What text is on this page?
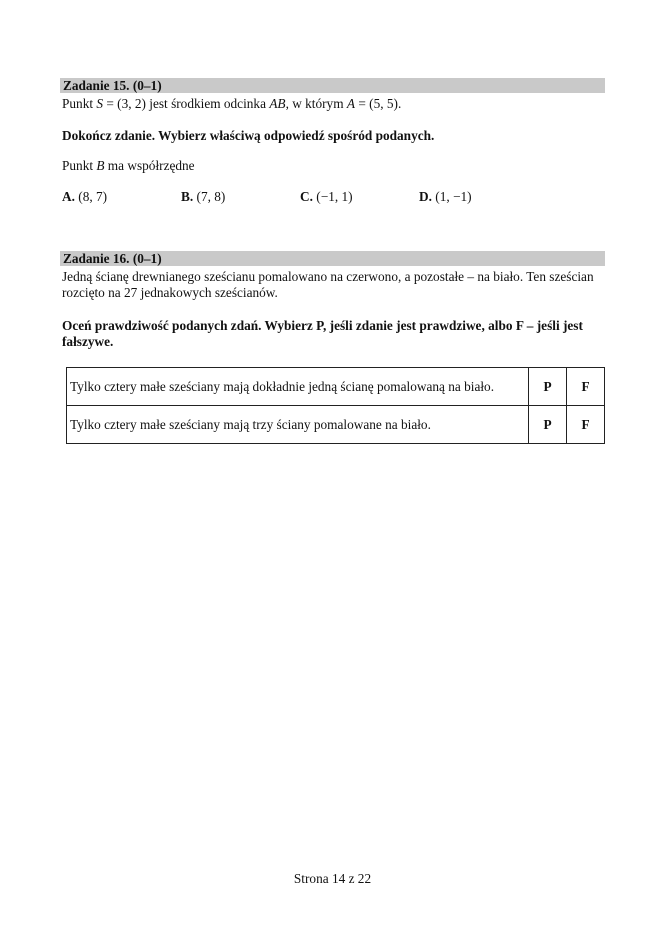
Zadanie 15. (0–1)
Punkt S = (3, 2) jest środkiem odcinka AB, w którym A = (5, 5).
Dokończ zdanie. Wybierz właściwą odpowiedź spośród podanych.
Punkt B ma współrzędne
A. (8, 7)	B. (7, 8)	C. (−1, 1)	D. (1, −1)
Zadanie 16. (0–1)
Jedną ścianę drewnianego sześcianu pomalowano na czerwono, a pozostałe – na biało. Ten sześcian
rozcięto na 27 jednakowych sześcianów.
Oceń prawdziwość podanych zdań. Wybierz P, jeśli zdanie jest prawdziwe, albo F – jeśli jest
fałszywe.
Tylko cztery małe sześciany mają dokładnie jedną ścianę pomalowaną na biało.	P	F
Tylko cztery małe sześciany mają trzy ściany pomalowane na biało.	P	F
Strona 14 z 22
